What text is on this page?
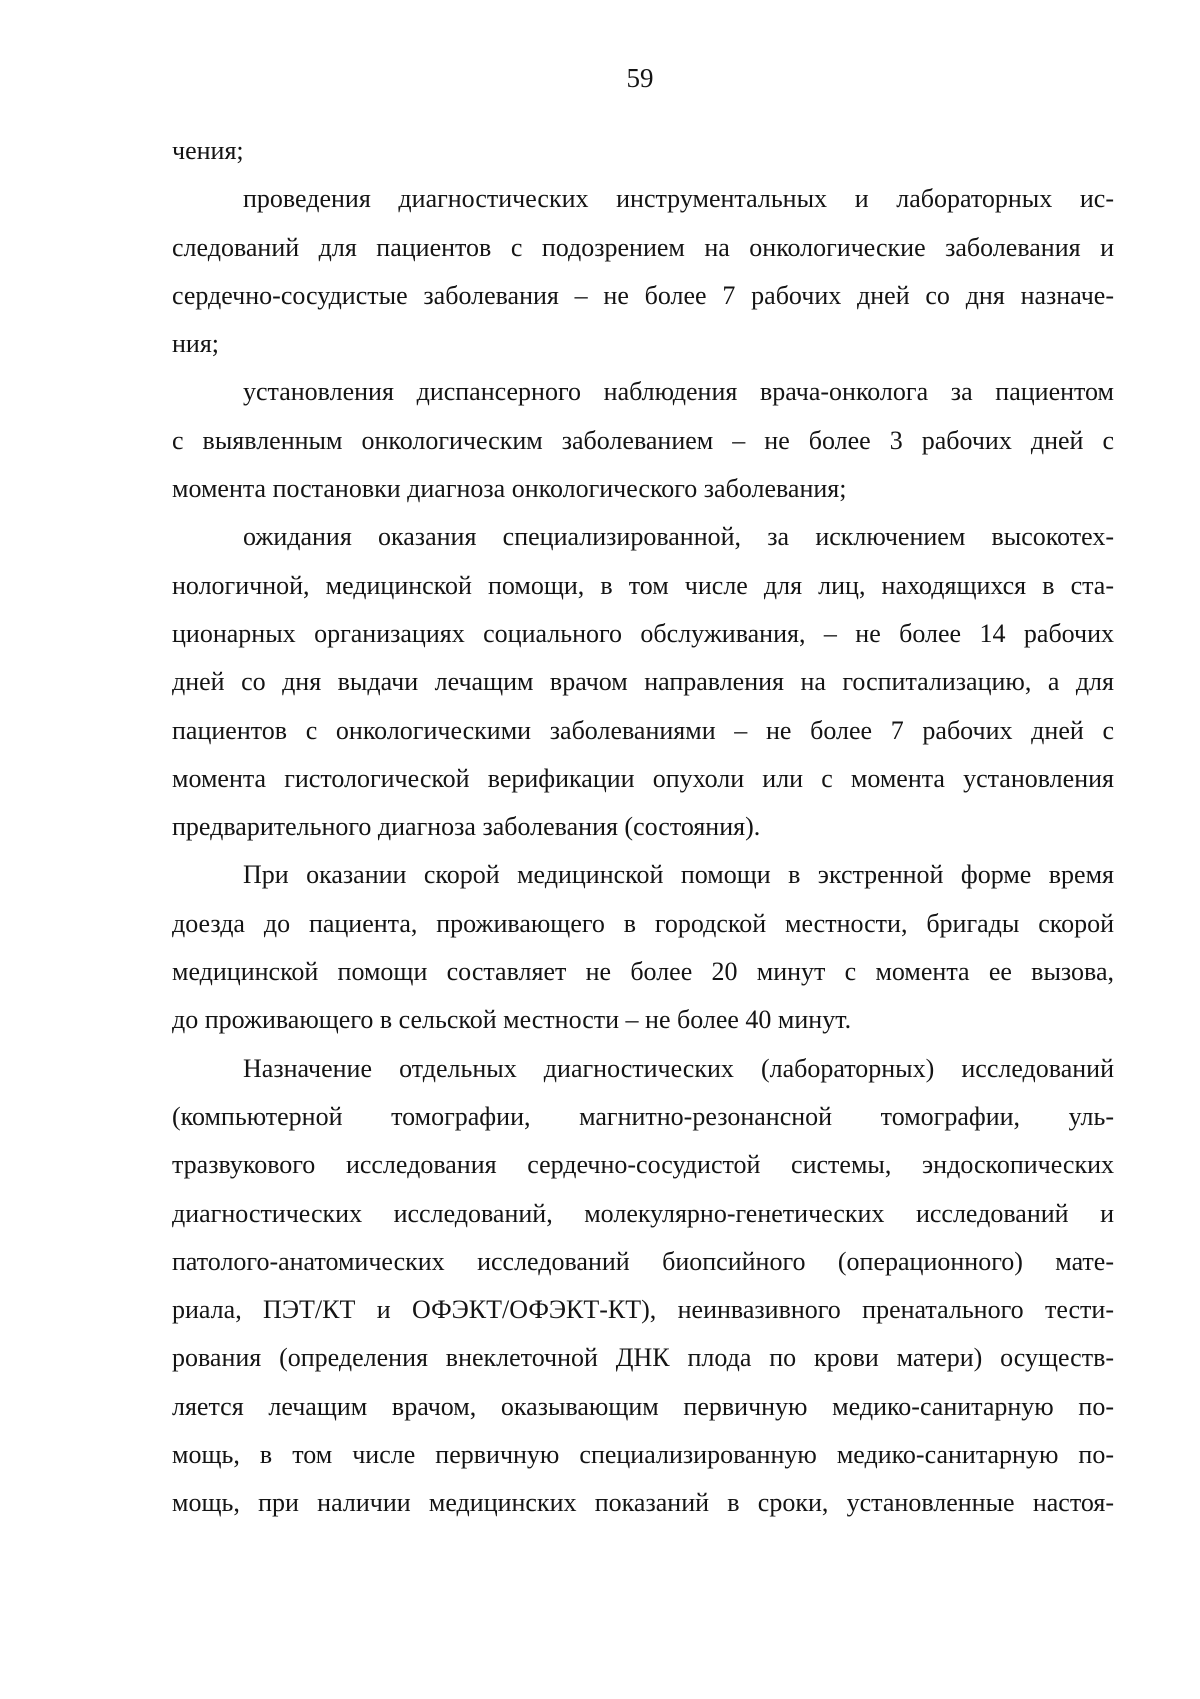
59
чения;
проведения диагностических инструментальных и лабораторных ис-
следований для пациентов с подозрением на онкологические заболевания и
сердечно-сосудистые заболевания – не более 7 рабочих дней со дня назначе-
ния;
установления диспансерного наблюдения врача-онколога за пациентом
с выявленным онкологическим заболеванием – не более 3 рабочих дней с
момента постановки диагноза онкологического заболевания;
ожидания оказания специализированной, за исключением высокотех-
нологичной, медицинской помощи, в том числе для лиц, находящихся в ста-
ционарных организациях социального обслуживания, – не более 14 рабочих
дней со дня выдачи лечащим врачом направления на госпитализацию, а для
пациентов с онкологическими заболеваниями – не более 7 рабочих дней с
момента гистологической верификации опухоли или с момента установления
предварительного диагноза заболевания (состояния).
При оказании скорой медицинской помощи в экстренной форме время
доезда до пациента, проживающего в городской местности, бригады скорой
медицинской помощи составляет не более 20 минут с момента ее вызова,
до проживающего в сельской местности – не более 40 минут.
Назначение отдельных диагностических (лабораторных) исследований
(компьютерной томографии, магнитно-резонансной томографии, уль-
тразвукового исследования сердечно-сосудистой системы, эндоскопических
диагностических исследований, молекулярно-генетических исследований и
патолого-анатомических исследований биопсийного (операционного) мате-
риала, ПЭТ/КТ и ОФЭКТ/ОФЭКТ-КТ), неинвазивного пренатального тести-
рования (определения внеклеточной ДНК плода по крови матери) осуществ-
ляется лечащим врачом, оказывающим первичную медико-санитарную по-
мощь, в том числе первичную специализированную медико-санитарную по-
мощь, при наличии медицинских показаний в сроки, установленные настоя-
